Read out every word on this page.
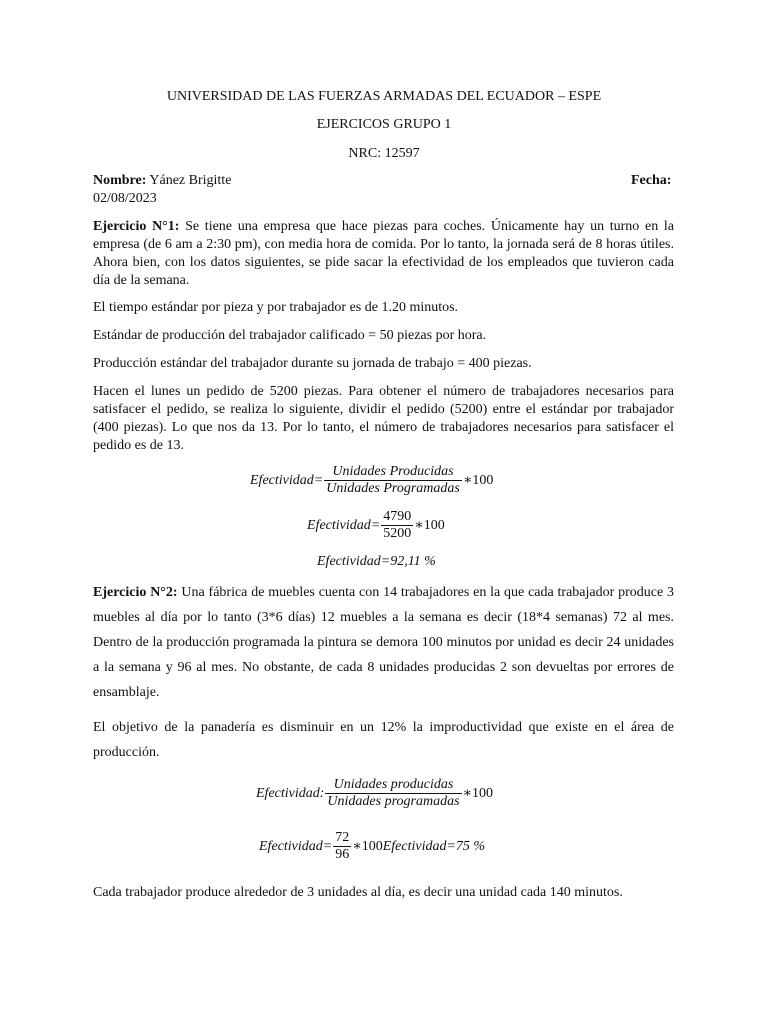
UNIVERSIDAD DE LAS FUERZAS ARMADAS DEL ECUADOR – ESPE
EJERCICOS GRUPO 1
NRC: 12597
Nombre: Yánez Brigitte	Fecha:
02/08/2023

Ejercicio N°1: Se tiene una empresa que hace piezas para coches. Únicamente hay un turno en la empresa (de 6 am a 2:30 pm), con media hora de comida. Por lo tanto, la jornada será de 8 horas útiles. Ahora bien, con los datos siguientes, se pide sacar la efectividad de los empleados que tuvieron cada día de la semana.

El tiempo estándar por pieza y por trabajador es de 1.20 minutos.

Estándar de producción del trabajador calificado = 50 piezas por hora.

Producción estándar del trabajador durante su jornada de trabajo = 400 piezas.

Hacen el lunes un pedido de 5200 piezas. Para obtener el número de trabajadores necesarios para satisfacer el pedido, se realiza lo siguiente, dividir el pedido (5200) entre el estándar por trabajador (400 piezas). Lo que nos da 13. Por lo tanto, el número de trabajadores necesarios para satisfacer el pedido es de 13.

Efectividad= $\frac{\text{Unidades Producidas}}{\text{Unidades Programadas}}$ ∗100
Efectividad= $\frac{4790}{5200}$ ∗100
Efectividad=92,11 %

Ejercicio N°2: Una fábrica de muebles cuenta con 14 trabajadores en la que cada trabajador produce 3 muebles al día por lo tanto (3*6 días) 12 muebles a la semana es decir (18*4 semanas) 72 al mes. Dentro de la producción programada la pintura se demora 100 minutos por unidad es decir 24 unidades a la semana y 96 al mes. No obstante, de cada 8 unidades producidas 2 son devueltas por errores de ensamblaje.

El objetivo de la panadería es disminuir en un 12% la improductividad que existe en el área de producción.

Efectividad: $\frac{\text{Unidades producidas}}{\text{Unidades programadas}}$ ∗100
Efectividad= $\frac{72}{96}$ ∗100 Efectividad=75 %

Cada trabajador produce alrededor de 3 unidades al día, es decir una unidad cada 140 minutos.
